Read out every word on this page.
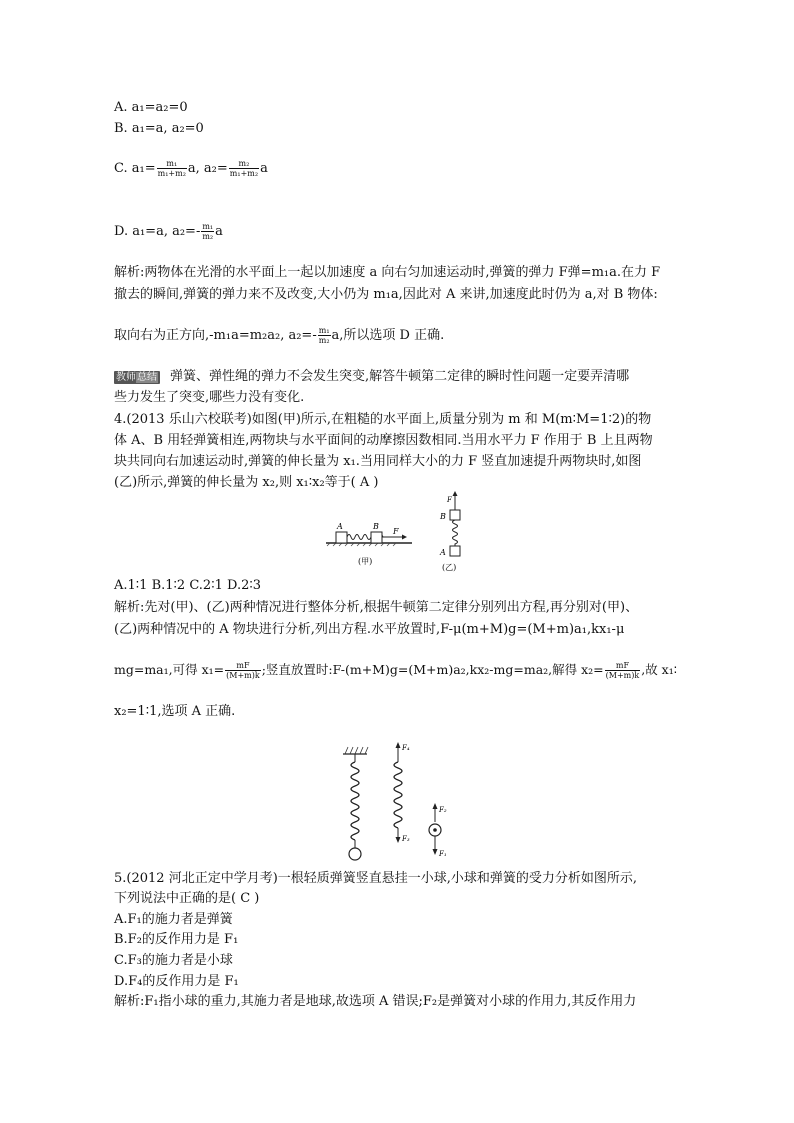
A. a₁=a₂=0
B. a₁=a, a₂=0
C. $a_1= \frac{\text{m₁}}{\text{m₁+m₂}} a$, $a_2= \frac{\text{m₂}}{\text{m₁+m₂}}$ a
D. a₁=a, $a_2=- \frac{\text{m₁}}{\text{m₂}}$ a
解析:两物体在光滑的水平面上一起以加速度 a 向右匀加速运动时,弹簧的弹力 F弹=m₁a.在力 F
撤去的瞬间,弹簧的弹力来不及改变,大小仍为 m₁a,因此对 A 来讲,加速度此时仍为 a,对 B 物体:
取向右为正方向,-m₁a=m₂a₂, $a_2=- \frac{\text{m₁}}{\text{m₂}} a$,所以选项 D 正确.
教师总结 弹簧、弹性绳的弹力不会发生突变,解答牛顿第二定律的瞬时性问题一定要弄清哪
些力发生了突变,哪些力没有变化.
4.(2013 乐山六校联考)如图(甲)所示,在粗糙的水平面上,质量分别为 m 和 M(m∶M=1∶2)的物
体 A、B 用轻弹簧相连,两物块与水平面间的动摩擦因数相同.当用水平力 F 作用于 B 上且两物
块共同向右加速运动时,弹簧的伸长量为 x₁.当用同样大小的力 F 竖直加速提升两物块时,如图
(乙)所示,弹簧的伸长量为 x₂,则 x₁∶x₂等于( A )
A	B
F
(甲)
F
B
A
(乙)
A.1∶1 B.1∶2 C.2∶1 D.2∶3
解析:先对(甲)、(乙)两种情况进行整体分析,根据牛顿第二定律分别列出方程,再分别对(甲)、
(乙)两种情况中的 A 物块进行分析,列出方程.水平放置时,F-μ(m+M)g=(M+m)a₁,kx₁-μ
mg=ma₁,可得 $x_1= \frac{mF}{(M+m)k}$ ;竖直放置时:F-(m+M)g=(M+m)a₂,kx₂-mg=ma₂,解得 $x_2= \frac{mF}{(M+m)k}$ ,故 x₁∶
x₂=1∶1,选项 A 正确.
F₄
F₃
F₂
F₁
5.(2012 河北正定中学月考)一根轻质弹簧竖直悬挂一小球,小球和弹簧的受力分析如图所示,
下列说法中正确的是( C )
A.F₁的施力者是弹簧
B.F₂的反作用力是 F₁
C.F₃的施力者是小球
D.F₄的反作用力是 F₁
解析:F₁指小球的重力,其施力者是地球,故选项 A 错误;F₂是弹簧对小球的作用力,其反作用力
